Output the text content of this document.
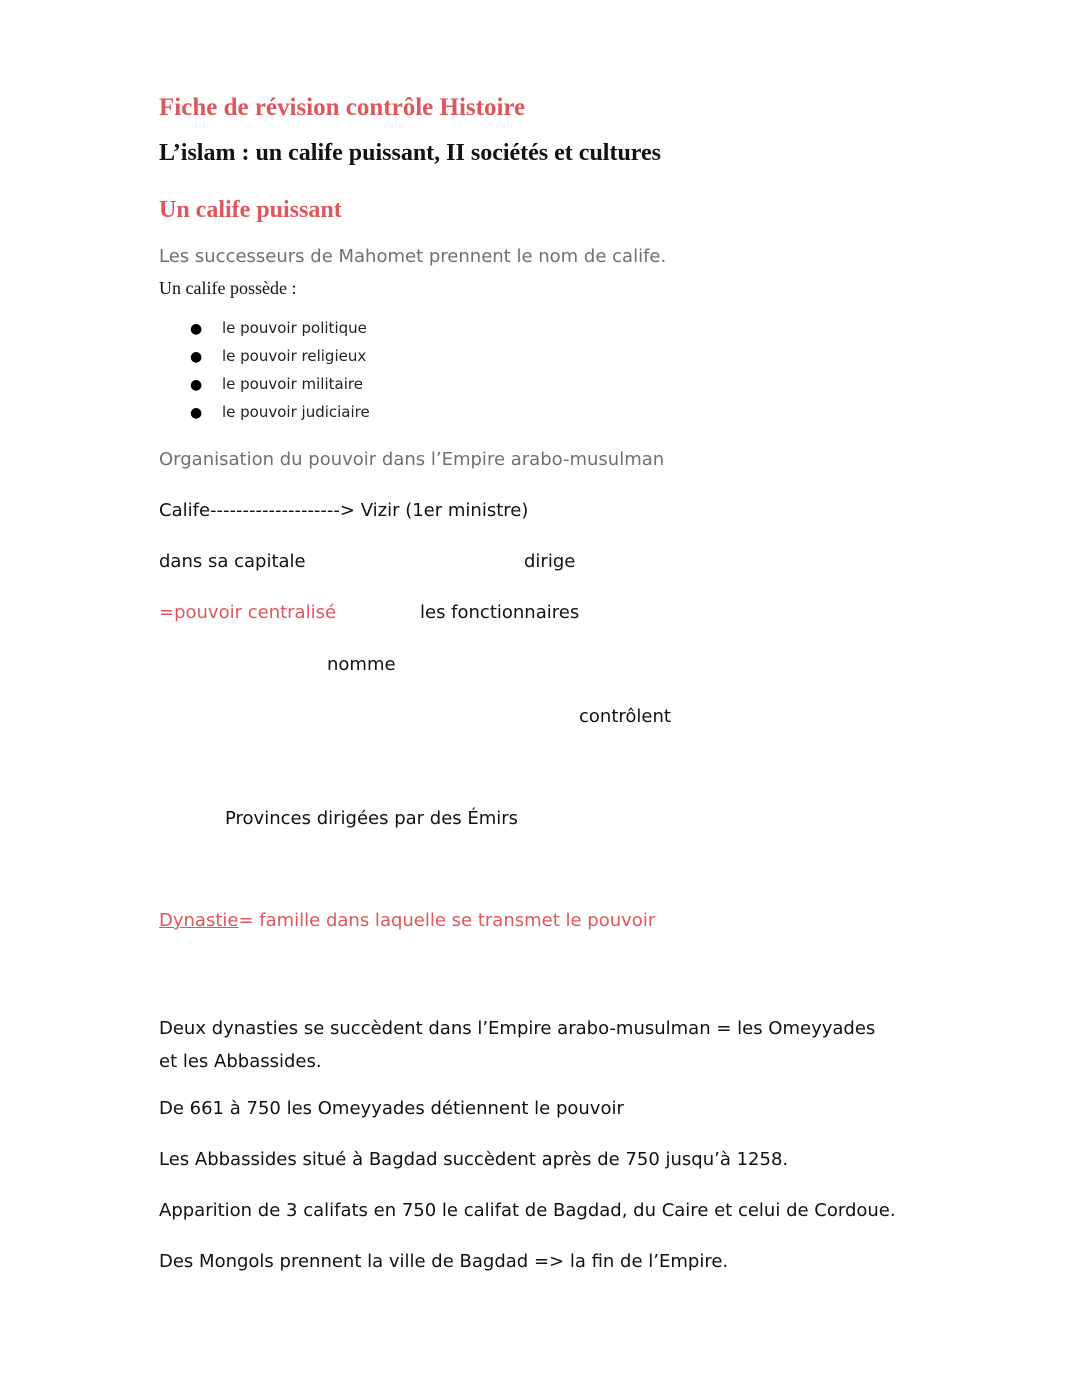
Fiche de révision contrôle Histoire
L’islam : un calife puissant, II sociétés et cultures
Un calife puissant
Les successeurs de Mahomet prennent le nom de calife.
Un calife possède :
● le pouvoir politique
● le pouvoir religieux
● le pouvoir militaire
● le pouvoir judiciaire
Organisation du pouvoir dans l’Empire arabo-musulman
Calife--------------------> Vizir (1er ministre)
dans sa capitale	dirige
=pouvoir centralisé	les fonctionnaires
nomme
contrôlent
Provinces dirigées par des Émirs
Dynastie= famille dans laquelle se transmet le pouvoir
Deux dynasties se succèdent dans l’Empire arabo-musulman = les Omeyyades et les Abbassides.
De 661 à 750 les Omeyyades détiennent le pouvoir
Les Abbassides situé à Bagdad succèdent après de 750 jusqu’à 1258.
Apparition de 3 califats en 750 le califat de Bagdad, du Caire et celui de Cordoue.
Des Mongols prennent la ville de Bagdad => la fin de l’Empire.
